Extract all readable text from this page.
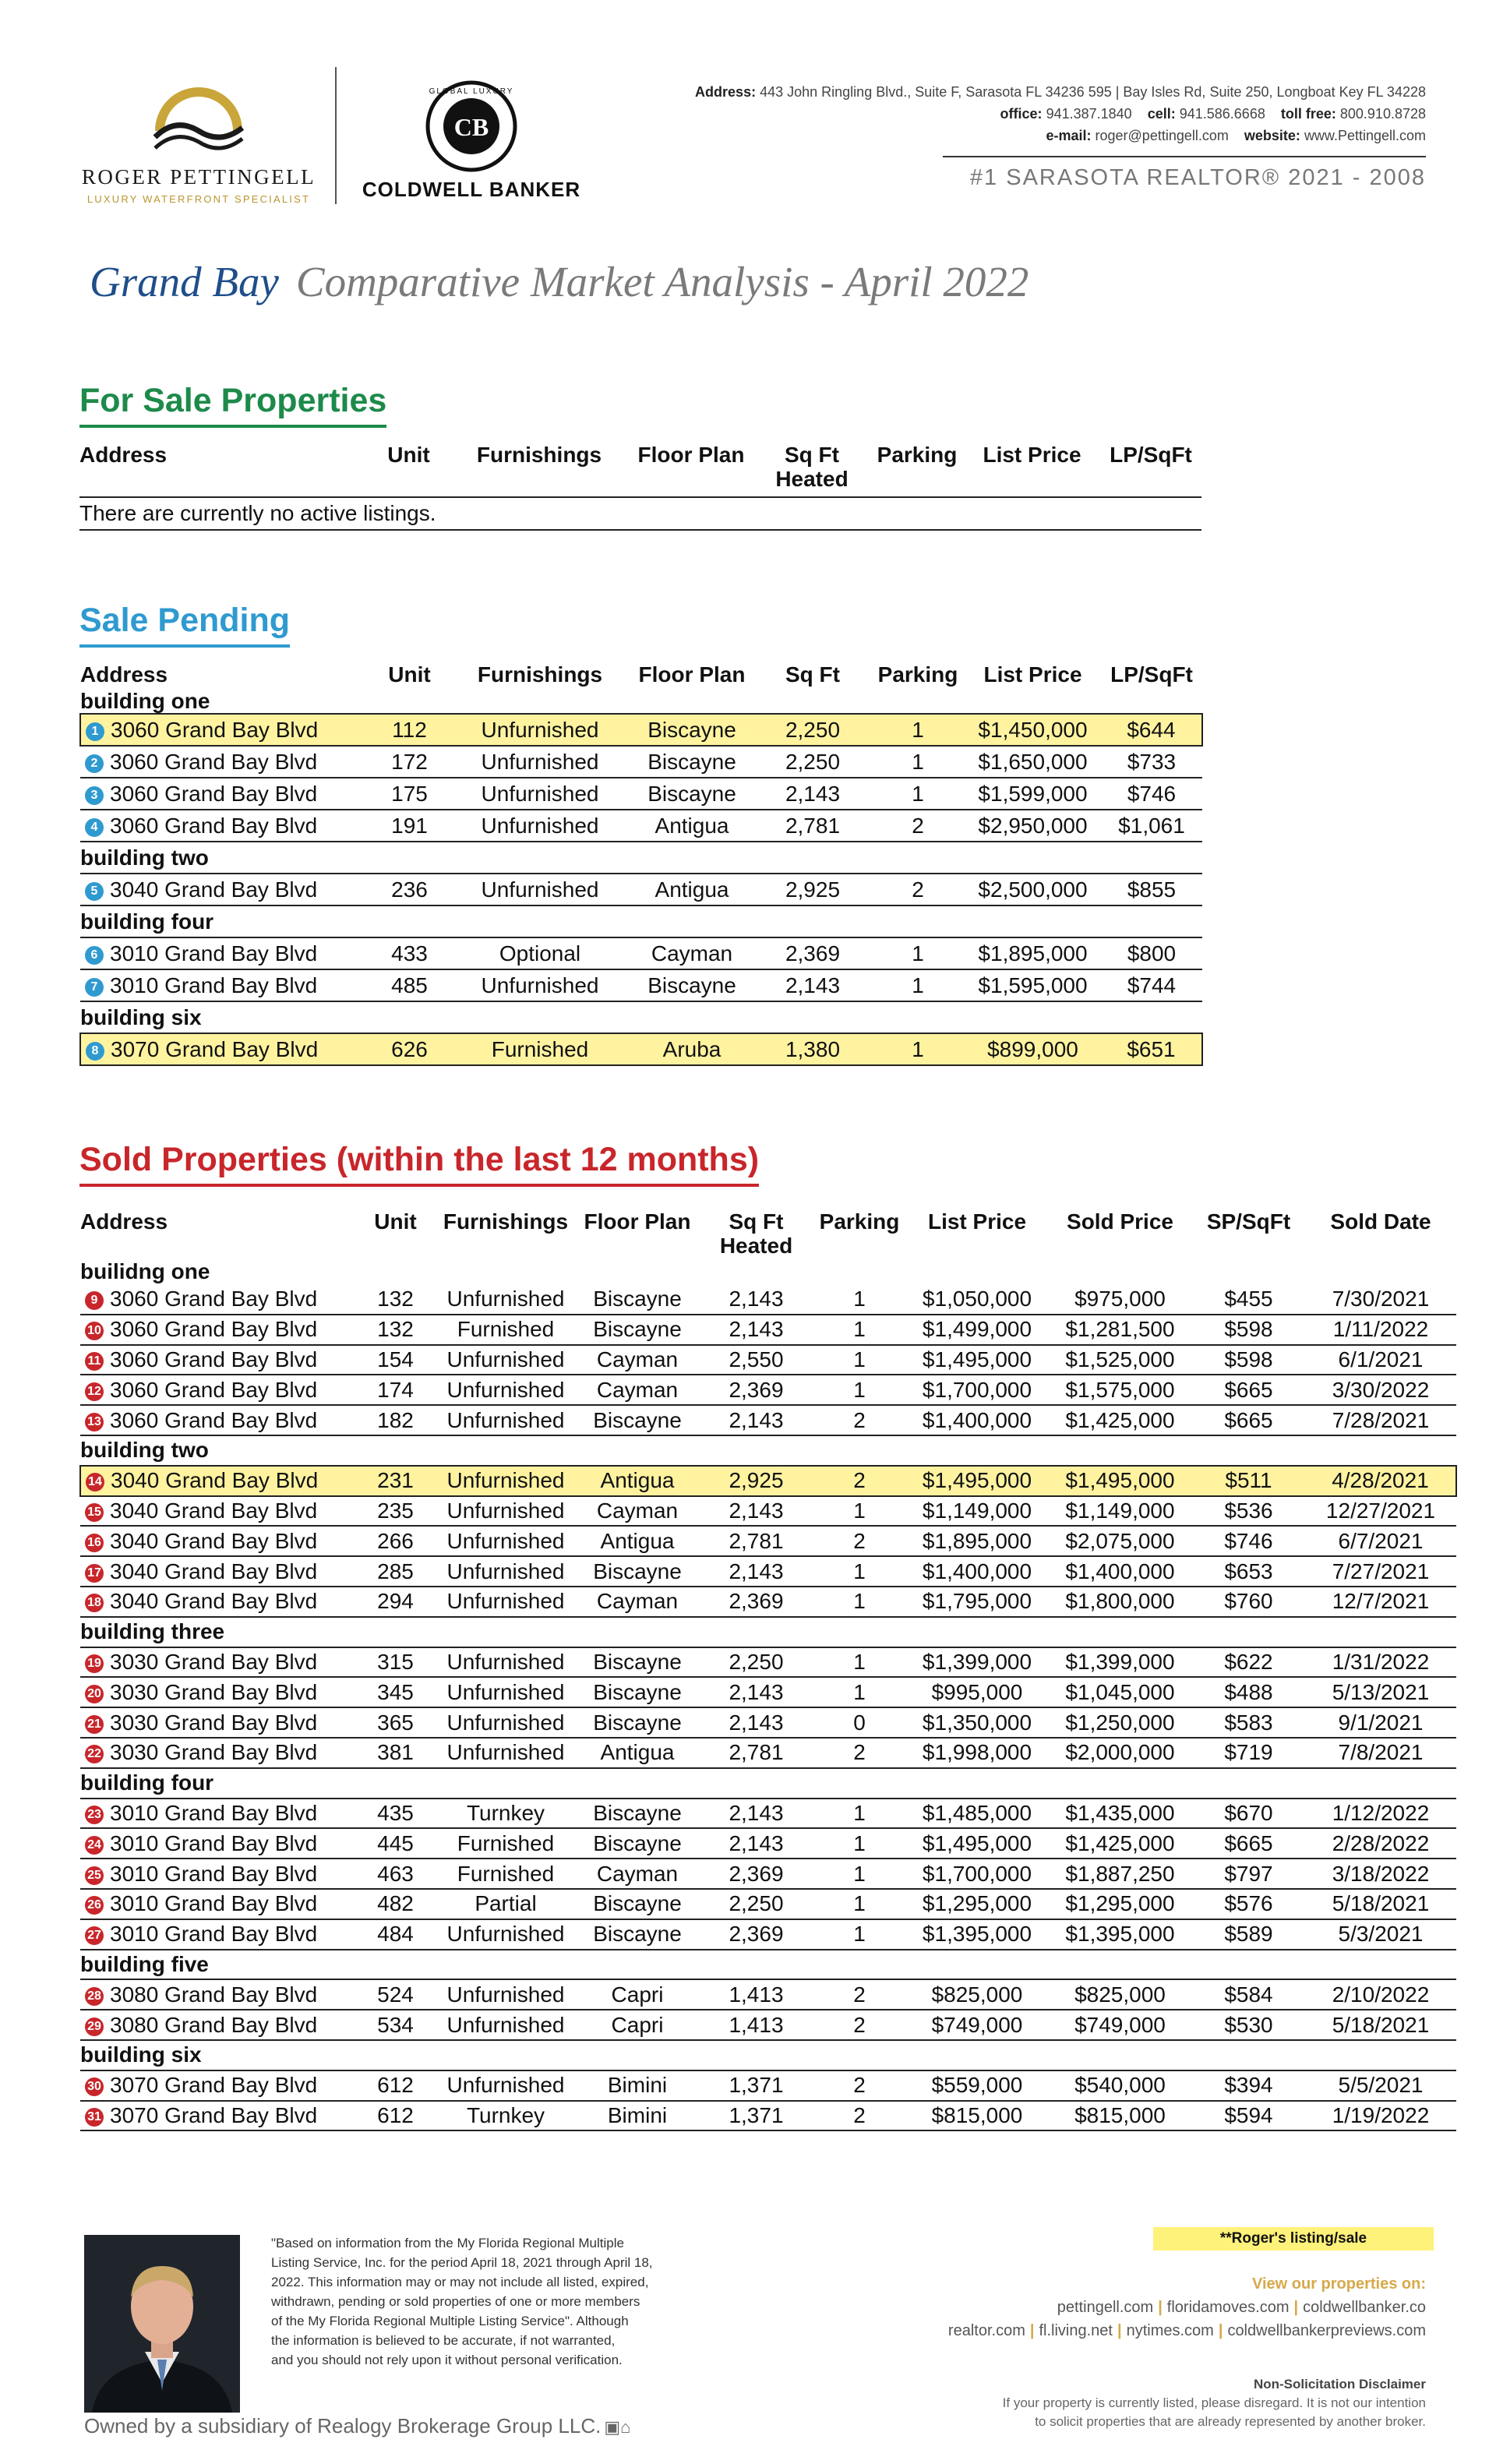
ROGER PETTINGELL
LUXURY WATERFRONT SPECIALIST
CB
GLOBAL LUXURY
COLDWELL BANKER
Address: 443 John Ringling Blvd., Suite F, Sarasota FL 34236 595 | Bay Isles Rd, Suite 250, Longboat Key FL 34228
office: 941.387.1840 cell: 941.586.6668 toll free: 800.910.8728
e-mail: roger@pettingell.com website: www.Pettingell.com
#1 SARASOTA REALTOR® 2021 - 2008
Grand Bay Comparative Market Analysis - April 2022
For Sale Properties
Address	Unit	Furnishings	Floor Plan	Sq Ft Heated	Parking	List Price	LP/SqFt
There are currently no active listings.
Sale Pending
Address	Unit	Furnishings	Floor Plan	Sq Ft	Parking	List Price	LP/SqFt
building one							
1 3060 Grand Bay Blvd	112	Unfurnished	Biscayne	2,250	1	$1,450,000	$644
2 3060 Grand Bay Blvd	172	Unfurnished	Biscayne	2,250	1	$1,650,000	$733
3 3060 Grand Bay Blvd	175	Unfurnished	Biscayne	2,143	1	$1,599,000	$746
4 3060 Grand Bay Blvd	191	Unfurnished	Antigua	2,781	2	$2,950,000	$1,061
building two							
5 3040 Grand Bay Blvd	236	Unfurnished	Antigua	2,925	2	$2,500,000	$855
building four							
6 3010 Grand Bay Blvd	433	Optional	Cayman	2,369	1	$1,895,000	$800
7 3010 Grand Bay Blvd	485	Unfurnished	Biscayne	2,143	1	$1,595,000	$744
building six							
8 3070 Grand Bay Blvd	626	Furnished	Aruba	1,380	1	$899,000	$651
Sold Properties (within the last 12 months)
Address	Unit	Furnishings	Floor Plan	Sq Ft Heated	Parking	List Price	Sold Price	SP/SqFt	Sold Date
builidng one									
9 3060 Grand Bay Blvd	132	Unfurnished	Biscayne	2,143	1	$1,050,000	$975,000	$455	7/30/2021
10 3060 Grand Bay Blvd	132	Furnished	Biscayne	2,143	1	$1,499,000	$1,281,500	$598	1/11/2022
11 3060 Grand Bay Blvd	154	Unfurnished	Cayman	2,550	1	$1,495,000	$1,525,000	$598	6/1/2021
12 3060 Grand Bay Blvd	174	Unfurnished	Cayman	2,369	1	$1,700,000	$1,575,000	$665	3/30/2022
13 3060 Grand Bay Blvd	182	Unfurnished	Biscayne	2,143	2	$1,400,000	$1,425,000	$665	7/28/2021
building two									
14 3040 Grand Bay Blvd	231	Unfurnished	Antigua	2,925	2	$1,495,000	$1,495,000	$511	4/28/2021
15 3040 Grand Bay Blvd	235	Unfurnished	Cayman	2,143	1	$1,149,000	$1,149,000	$536	12/27/2021
16 3040 Grand Bay Blvd	266	Unfurnished	Antigua	2,781	2	$1,895,000	$2,075,000	$746	6/7/2021
17 3040 Grand Bay Blvd	285	Unfurnished	Biscayne	2,143	1	$1,400,000	$1,400,000	$653	7/27/2021
18 3040 Grand Bay Blvd	294	Unfurnished	Cayman	2,369	1	$1,795,000	$1,800,000	$760	12/7/2021
building three									
19 3030 Grand Bay Blvd	315	Unfurnished	Biscayne	2,250	1	$1,399,000	$1,399,000	$622	1/31/2022
20 3030 Grand Bay Blvd	345	Unfurnished	Biscayne	2,143	1	$995,000	$1,045,000	$488	5/13/2021
21 3030 Grand Bay Blvd	365	Unfurnished	Biscayne	2,143	0	$1,350,000	$1,250,000	$583	9/1/2021
22 3030 Grand Bay Blvd	381	Unfurnished	Antigua	2,781	2	$1,998,000	$2,000,000	$719	7/8/2021
building four									
23 3010 Grand Bay Blvd	435	Turnkey	Biscayne	2,143	1	$1,485,000	$1,435,000	$670	1/12/2022
24 3010 Grand Bay Blvd	445	Furnished	Biscayne	2,143	1	$1,495,000	$1,425,000	$665	2/28/2022
25 3010 Grand Bay Blvd	463	Furnished	Cayman	2,369	1	$1,700,000	$1,887,250	$797	3/18/2022
26 3010 Grand Bay Blvd	482	Partial	Biscayne	2,250	1	$1,295,000	$1,295,000	$576	5/18/2021
27 3010 Grand Bay Blvd	484	Unfurnished	Biscayne	2,369	1	$1,395,000	$1,395,000	$589	5/3/2021
building five									
28 3080 Grand Bay Blvd	524	Unfurnished	Capri	1,413	2	$825,000	$825,000	$584	2/10/2022
29 3080 Grand Bay Blvd	534	Unfurnished	Capri	1,413	2	$749,000	$749,000	$530	5/18/2021
building six									
30 3070 Grand Bay Blvd	612	Unfurnished	Bimini	1,371	2	$559,000	$540,000	$394	5/5/2021
31 3070 Grand Bay Blvd	612	Turnkey	Bimini	1,371	2	$815,000	$815,000	$594	1/19/2022
"Based on information from the My Florida Regional Multiple
Listing Service, Inc. for the period April 18, 2021 through April 18,
2022. This information may or may not include all listed, expired,
withdrawn, pending or sold properties of one or more members
of the My Florida Regional Multiple Listing Service". Although
the information is believed to be accurate, if not warranted,
and you should not rely upon it without personal verification.
Owned by a subsidiary of Realogy Brokerage Group LLC. ▣⌂
**Roger's listing/sale
View our properties on:
pettingell.com | floridamoves.com | coldwellbanker.co
realtor.com | fl.living.net | nytimes.com | coldwellbankerpreviews.com
Non-Solicitation Disclaimer
If your property is currently listed, please disregard. It is not our intention
to solicit properties that are already represented by another broker.
